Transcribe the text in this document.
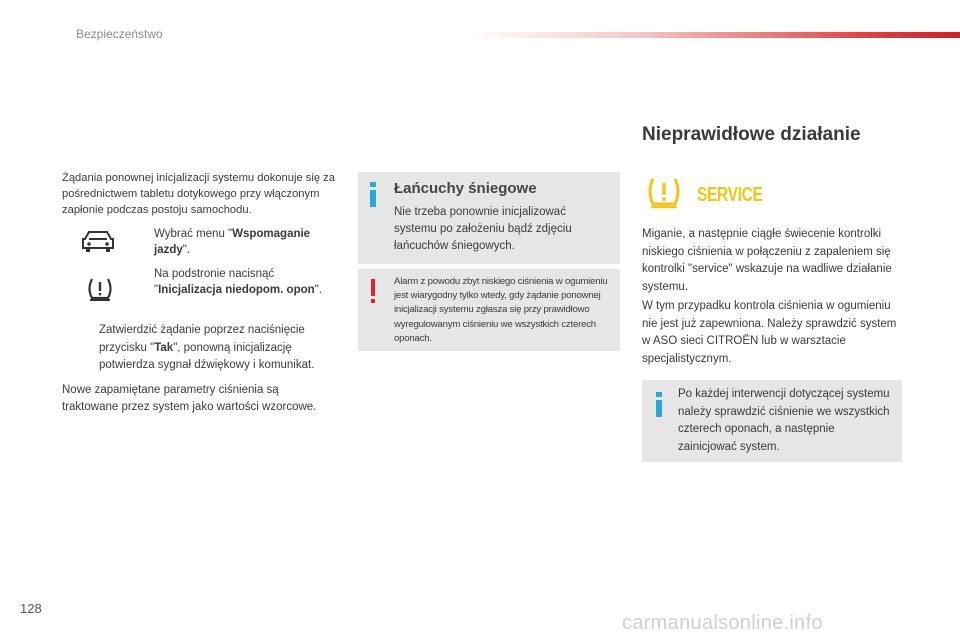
Bezpieczeństwo
Żądania ponownej inicjalizacji systemu dokonuje się za pośrednictwem tabletu dotykowego przy włączonym zapłonie podczas postoju samochodu.
Wybrać menu "Wspomaganie jazdy".
Na podstronie nacisnąć "Inicjalizacja niedopom. opon".
Zatwierdzić żądanie poprzez naciśnięcie przycisku "Tak", ponowną inicjalizację potwierdza sygnał dźwiękowy i komunikat.
Nowe zapamiętane parametry ciśnienia są traktowane przez system jako wartości wzorcowe.
Łańcuchy śniegowe
Nie trzeba ponownie inicjalizować systemu po założeniu bądź zdjęciu łańcuchów śniegowych.
Alarm z powodu zbyt niskiego ciśnienia w ogumieniu jest wiarygodny tylko wtedy, gdy żądanie ponownej inicjalizacji systemu zgłasza się przy prawidłowo wyregulowanym ciśnieniu we wszystkich czterech oponach.
Nieprawidłowe działanie
SERVICE
Miganie, a następnie ciągłe świecenie kontrolki niskiego ciśnienia w połączeniu z zapaleniem się kontrolki "service" wskazuje na wadliwe działanie systemu.
W tym przypadku kontrola ciśnienia w ogumieniu nie jest już zapewniona. Należy sprawdzić system w ASO sieci CITROËN lub w warsztacie specjalistycznym.
Po każdej interwencji dotyczącej systemu należy sprawdzić ciśnienie we wszystkich czterech oponach, a następnie zainicjować system.
128
carmanualsonline.info
